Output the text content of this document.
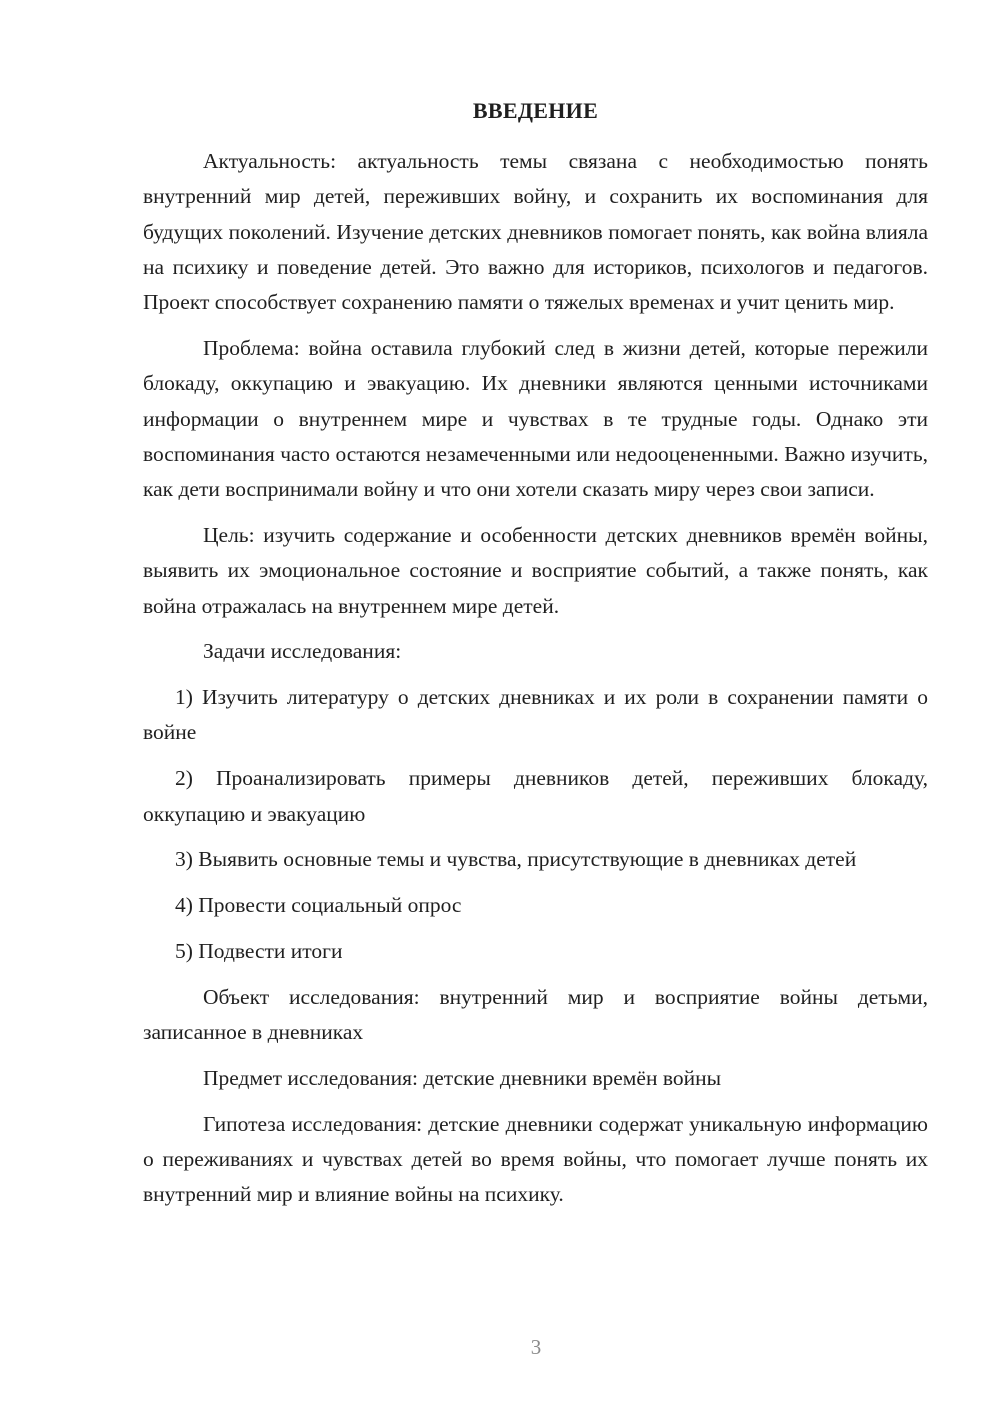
ВВЕДЕНИЕ

Актуальность: актуальность темы связана с необходимостью понять внутренний мир детей, переживших войну, и сохранить их воспоминания для будущих поколений. Изучение детских дневников помогает понять, как война влияла на психику и поведение детей. Это важно для историков, психологов и педагогов. Проект способствует сохранению памяти о тяжелых временах и учит ценить мир.

Проблема: война оставила глубокий след в жизни детей, которые пережили блокаду, оккупацию и эвакуацию. Их дневники являются ценными источниками информации о внутреннем мире и чувствах в те трудные годы. Однако эти воспоминания часто остаются незамеченными или недооцененными. Важно изучить, как дети воспринимали войну и что они хотели сказать миру через свои записи.

Цель: изучить содержание и особенности детских дневников времён войны, выявить их эмоциональное состояние и восприятие событий, а также понять, как война отражалась на внутреннем мире детей.

Задачи исследования:

1) Изучить литературу о детских дневниках и их роли в сохранении памяти о войне

2) Проанализировать примеры дневников детей, переживших блокаду, оккупацию и эвакуацию

3) Выявить основные темы и чувства, присутствующие в дневниках детей

4) Провести социальный опрос

5) Подвести итоги

Объект исследования: внутренний мир и восприятие войны детьми, записанное в дневниках

Предмет исследования: детские дневники времён войны

Гипотеза исследования: детские дневники содержат уникальную информацию о переживаниях и чувствах детей во время войны, что помогает лучше понять их внутренний мир и влияние войны на психику.

3
